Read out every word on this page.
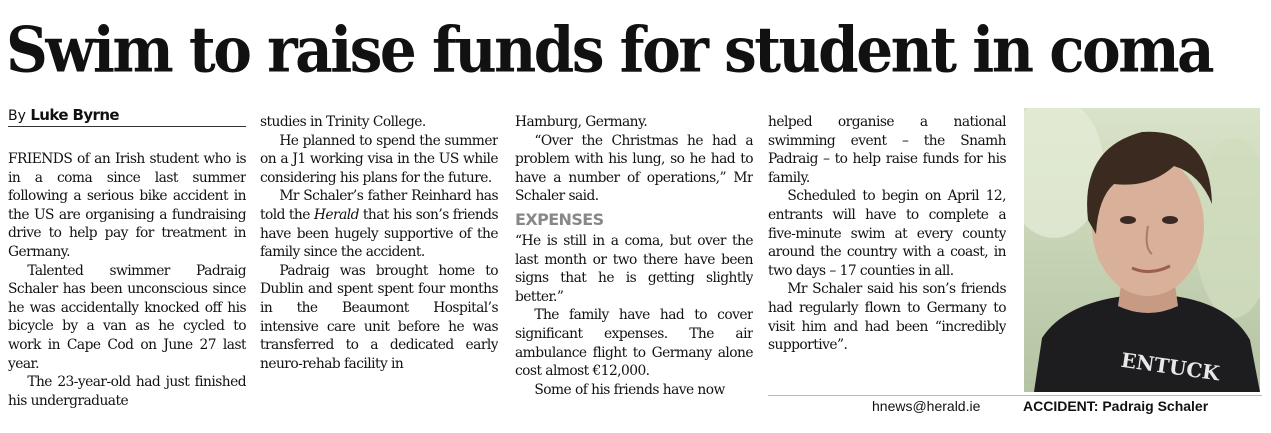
Swim to raise funds for student in coma
By Luke Byrne

FRIENDS of an Irish student who is in a coma since last summer following a serious bike accident in the US are organising a fundraising drive to help pay for treatment in Germany.

Talented swimmer Padraig Schaler has been unconscious since he was accidentally knocked off his bicycle by a van as he cycled to work in Cape Cod on June 27 last year.

The 23-year-old had just finished his undergraduate

studies in Trinity College.

He planned to spend the summer on a J1 working visa in the US while considering his plans for the future.

Mr Schaler’s father Reinhard has told the Herald that his son’s friends have been hugely supportive of the family since the accident.

Padraig was brought home to Dublin and spent spent four months in the Beaumont Hospital’s intensive care unit before he was transferred to a dedicated early neuro-rehab facility in

Hamburg, Germany.

“Over the Christmas he had a problem with his lung, so he had to have a number of operations,” Mr Schaler said.

EXPENSES

“He is still in a coma, but over the last month or two there have been signs that he is getting slightly better.”

The family have had to cover significant expenses. The air ambulance flight to Germany alone cost almost €12,000.

Some of his friends have now

helped organise a national swimming event – the Snamh Padraig – to help raise funds for his family.

Scheduled to begin on April 12, entrants will have to complete a five-minute swim at every county around the country with a coast, in two days – 17 counties in all.

Mr Schaler said his son’s friends had regularly flown to Germany to visit him and had been “incredibly supportive”.

ENTUCK
hnews@herald.ie	ACCIDENT: Padraig Schaler
